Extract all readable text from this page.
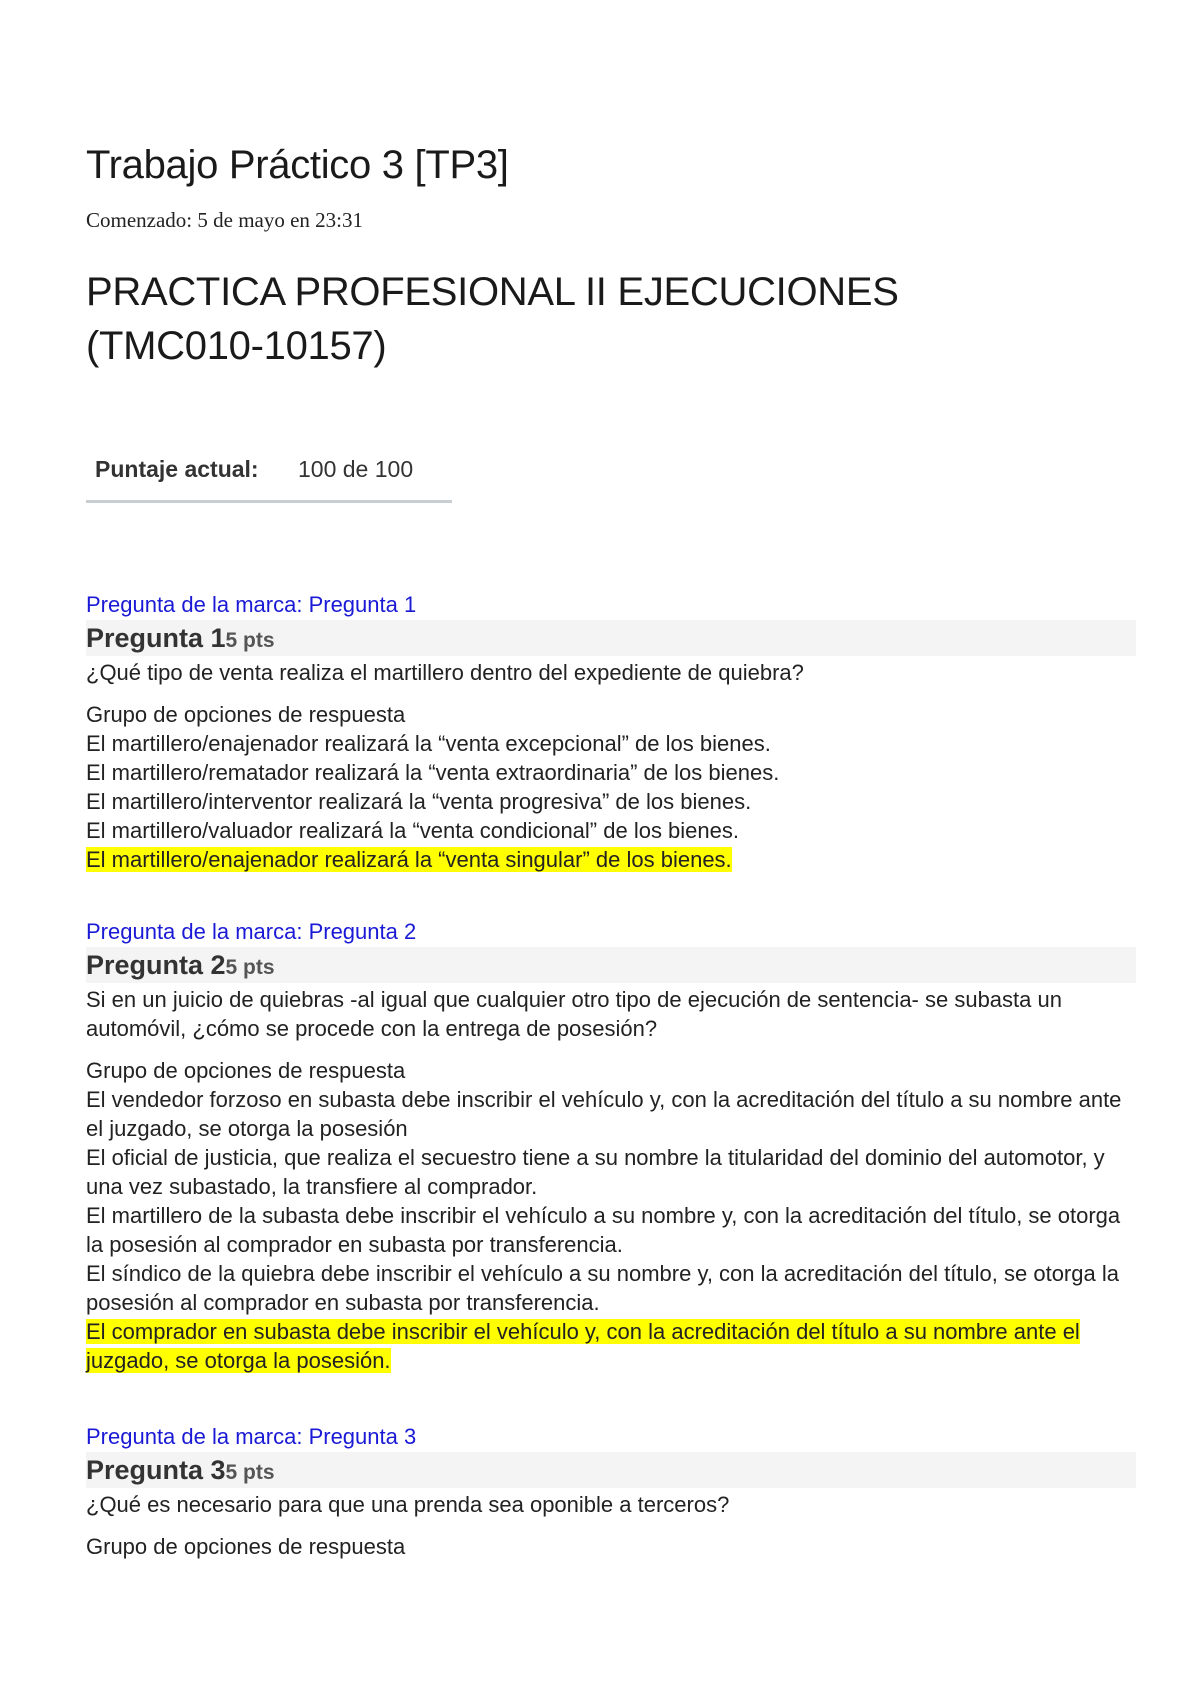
Trabajo Práctico 3 [TP3]
Comenzado: 5 de mayo en 23:31
PRACTICA PROFESIONAL II EJECUCIONES
(TMC010-10157)
Puntaje actual: 100 de 100
Pregunta de la marca: Pregunta 1
Pregunta 15 pts
¿Qué tipo de venta realiza el martillero dentro del expediente de quiebra?
Grupo de opciones de respuesta
El martillero/enajenador realizará la “venta excepcional” de los bienes.
El martillero/rematador realizará la “venta extraordinaria” de los bienes.
El martillero/interventor realizará la “venta progresiva” de los bienes.
El martillero/valuador realizará la “venta condicional” de los bienes.
El martillero/enajenador realizará la “venta singular” de los bienes.
Pregunta de la marca: Pregunta 2
Pregunta 25 pts
Si en un juicio de quiebras -al igual que cualquier otro tipo de ejecución de sentencia- se subasta un automóvil, ¿cómo se procede con la entrega de posesión?
Grupo de opciones de respuesta
El vendedor forzoso en subasta debe inscribir el vehículo y, con la acreditación del título a su nombre ante el juzgado, se otorga la posesión
El oficial de justicia, que realiza el secuestro tiene a su nombre la titularidad del dominio del automotor, y una vez subastado, la transfiere al comprador.
El martillero de la subasta debe inscribir el vehículo a su nombre y, con la acreditación del título, se otorga la posesión al comprador en subasta por transferencia.
El síndico de la quiebra debe inscribir el vehículo a su nombre y, con la acreditación del título, se otorga la posesión al comprador en subasta por transferencia.
El comprador en subasta debe inscribir el vehículo y, con la acreditación del título a su nombre ante el juzgado, se otorga la posesión.
Pregunta de la marca: Pregunta 3
Pregunta 35 pts
¿Qué es necesario para que una prenda sea oponible a terceros?
Grupo de opciones de respuesta
